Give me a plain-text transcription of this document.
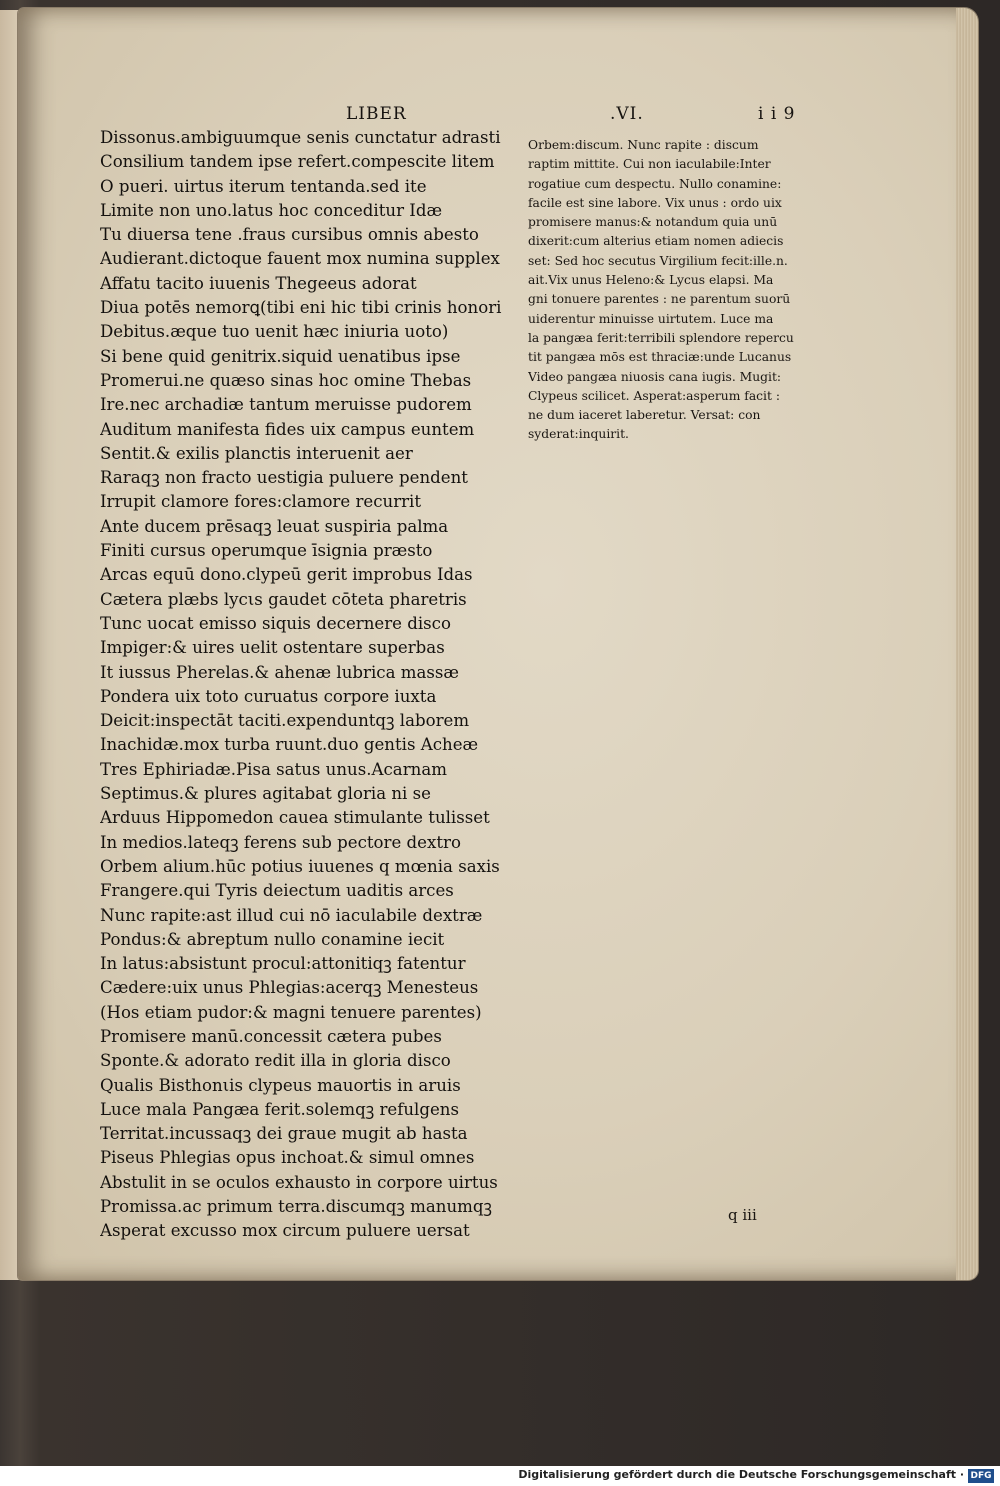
LIBER	.VI.	i i 9
Dissonus.ambiguumque senis cunctatur adrasti
Consilium tandem ipse refert.compescite litem
O pueri. uirtus iterum tentanda.sed ite
Limite non uno.latus hoc conceditur Idæ
Tu diuersa tene .fraus cursibus omnis abesto
Audierant.dictoque fauent mox numina supplex
Affatu tacito iuuenis Thegeeus adorat
Diua potēs nemorꝗ(tibi eni hic tibi crinis honori
Debitus.æque tuo uenit hæc iniuria uoto)
Si bene quid genitrix.siquid uenatibus ipse
Promerui.ne quæso sinas hoc omine Thebas
Ire.nec archadiæ tantum meruisse pudorem
Auditum manifesta fides uix campus euntem
Sentit.& exilis planctis interuenit aer
Raraqꝫ non fracto uestigia puluere pendent
Irrupit clamore fores:clamore recurrit
Ante ducem prēsaqꝫ leuat suspiria palma
Finiti cursus operumque īsignia præsto
Arcas equū dono.clypeū gerit improbus Idas
Cætera plæbs lycιs gaudet cōteta pharetris
Tunc uocat emisso siquis decernere disco
Impiger:& uires uelit ostentare superbas
It iussus Pherelas.& ahenæ lubrica massæ
Pondera uix toto curuatus corpore iuxta
Deicit:inspectāt taciti.expenduntqꝫ laborem
Inachidæ.mox turba ruunt.duo gentis Acheæ
Tres Ephiriadæ.Pisa satus unus.Acarnam
Septimus.& plures agitabat gloria ni se
Arduus Hippomedon cauea stimulante tulisset
In medios.lateqꝫ ferens sub pectore dextro
Orbem alium.hūc potius iuuenes q mœnia saxis
Frangere.qui Tyris deiectum uaditis arces
Nunc rapite:ast illud cui nō iaculabile dextræ
Pondus:& abreptum nullo conamine iecit
In latus:absistunt procul:attonitiqꝫ fatentur
Cædere:uix unus Phlegias:acerqꝫ Menesteus
(Hos etiam pudor:& magni tenuere parentes)
Promisere manū.concessit cætera pubes
Sponte.& adorato redit illa in gloria disco
Qualis Bisthonιis clypeus mauortis in aruis
Luce mala Pangæa ferit.solemqꝫ refulgens
Territat.incussaqꝫ dei graue mugit ab hasta
Piseus Phlegias opus inchoat.& simul omnes
Abstulit in se oculos exhausto in corpore uirtus
Promissa.ac primum terra.discumqꝫ manumqꝫ
Asperat excusso mox circum puluere uersat
Orbem:discum. Nunc rapite : discum
raptim mittite. Cui non iaculabile:Inter
rogatiue cum despectu. Nullo conamine:
facile est sine labore. Vix unus : ordo uix
promisere manus:& notandum quia unū
dixerit:cum alterius etiam nomen adiecis
set: Sed hoc secutus Virgilium fecit:ille.n.
ait.Vix unus Heleno:& Lycus elapsi. Ma
gni tonuere parentes : ne parentum suorū
uiderentur minuisse uirtutem. Luce ma
la pangæa ferit:terribili splendore repercu
tit pangæa mōs est thraciæ:unde Lucanus
Video pangæa niuosis cana iugis. Mugit:
Clypeus scilicet. Asperat:asperum facit :
ne dum iaceret laberetur. Versat: con
syderat:inquirit.
q iii
Digitalisierung gefördert durch die Deutsche Forschungsgemeinschaft · DFG
